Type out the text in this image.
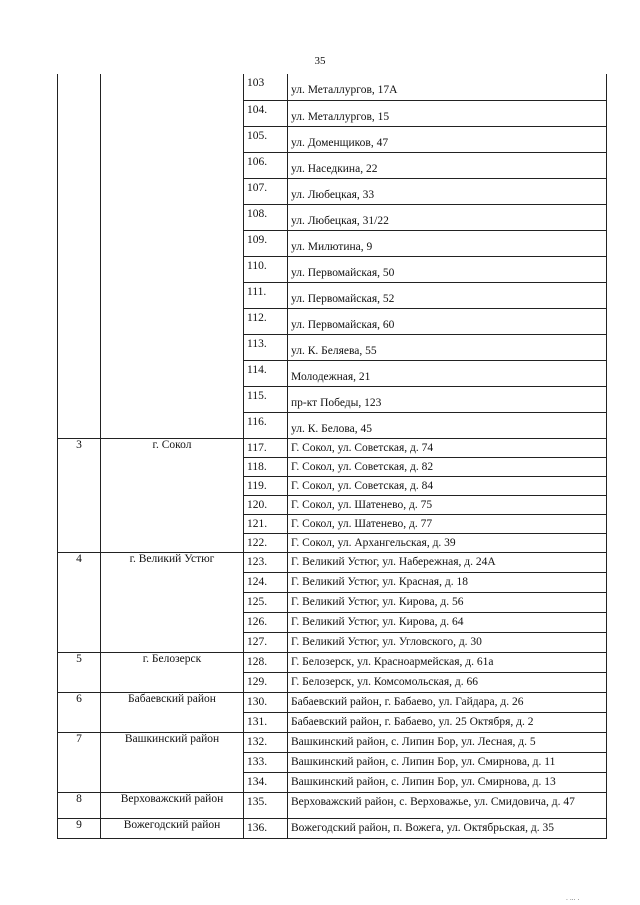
35
		103	ул. Металлургов, 17А
		104.	ул. Металлургов, 15
		105.	ул. Доменщиков, 47
		106.	ул. Наседкина, 22
		107.	ул. Любецкая, 33
		108.	ул. Любецкая, 31/22
		109.	ул. Милютина, 9
		110.	ул. Первомайская, 50
		111.	ул. Первомайская, 52
		112.	ул. Первомайская, 60
		113.	ул. К. Беляева, 55
		114.	Молодежная, 21
		115.	пр-кт Победы, 123
		116.	ул. К. Белова, 45
3	г. Сокол	117.	Г. Сокол, ул. Советская, д. 74
		118.	Г. Сокол, ул. Советская, д. 82
		119.	Г. Сокол, ул. Советская, д. 84
		120.	Г. Сокол, ул. Шатенево, д. 75
		121.	Г. Сокол, ул. Шатенево, д. 77
		122.	Г. Сокол, ул. Архангельская, д. 39
4	г. Великий Устюг	123.	Г. Великий Устюг, ул. Набережная, д. 24А
		124.	Г. Великий Устюг, ул. Красная, д. 18
		125.	Г. Великий Устюг, ул. Кирова, д. 56
		126.	Г. Великий Устюг, ул. Кирова, д. 64
		127.	Г. Великий Устюг, ул. Угловского, д. 30
5	г. Белозерск	128.	Г. Белозерск, ул. Красноармейская, д. 61а
		129.	Г. Белозерск, ул. Комсомольская, д. 66
6	Бабаевский район	130.	Бабаевский район, г. Бабаево, ул. Гайдара, д. 26
		131.	Бабаевский район, г. Бабаево, ул. 25 Октября, д. 2
7	Вашкинский район	132.	Вашкинский район, с. Липин Бор, ул. Лесная, д. 5
		133.	Вашкинский район, с. Липин Бор, ул. Смирнова, д. 11
		134.	Вашкинский район, с. Липин Бор, ул. Смирнова, д. 13
8	Верховажский район	135.	Верховажский район, с. Верховажье, ул. Смидовича, д. 47
9	Вожегодский район	136.	Вожегодский район, п. Вожега, ул. Октябрьская, д. 35
· ··· ·
